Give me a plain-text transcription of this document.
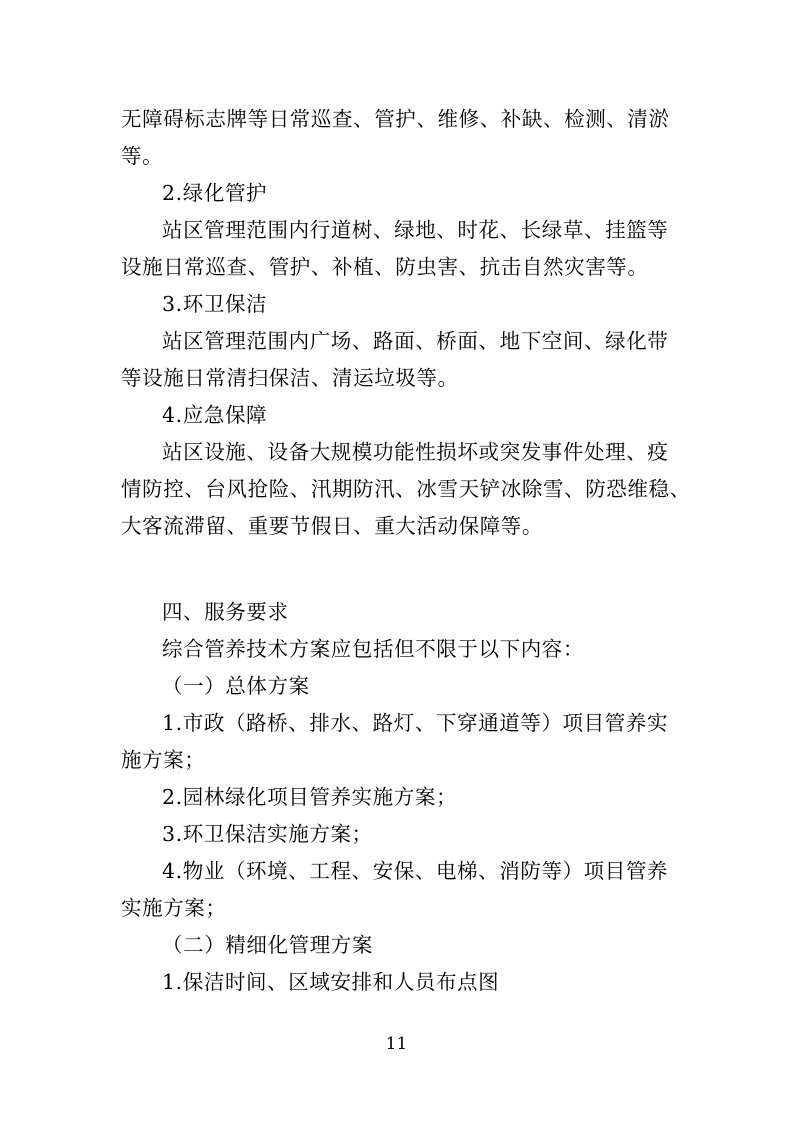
无障碍标志牌等日常巡查、管护、维修、补缺、检测、清淤
等。
2.绿化管护
站区管理范围内行道树、绿地、时花、长绿草、挂篮等
设施日常巡查、管护、补植、防虫害、抗击自然灾害等。
3.环卫保洁
站区管理范围内广场、路面、桥面、地下空间、绿化带
等设施日常清扫保洁、清运垃圾等。
4.应急保障
站区设施、设备大规模功能性损坏或突发事件处理、疫
情防控、台风抢险、汛期防汛、冰雪天铲冰除雪、防恐维稳、
大客流滞留、重要节假日、重大活动保障等。
四、服务要求
综合管养技术方案应包括但不限于以下内容：
（一）总体方案
1.市政（路桥、排水、路灯、下穿通道等）项目管养实
施方案；
2.园林绿化项目管养实施方案；
3.环卫保洁实施方案；
4.物业（环境、工程、安保、电梯、消防等）项目管养
实施方案；
（二）精细化管理方案
1.保洁时间、区域安排和人员布点图
11
